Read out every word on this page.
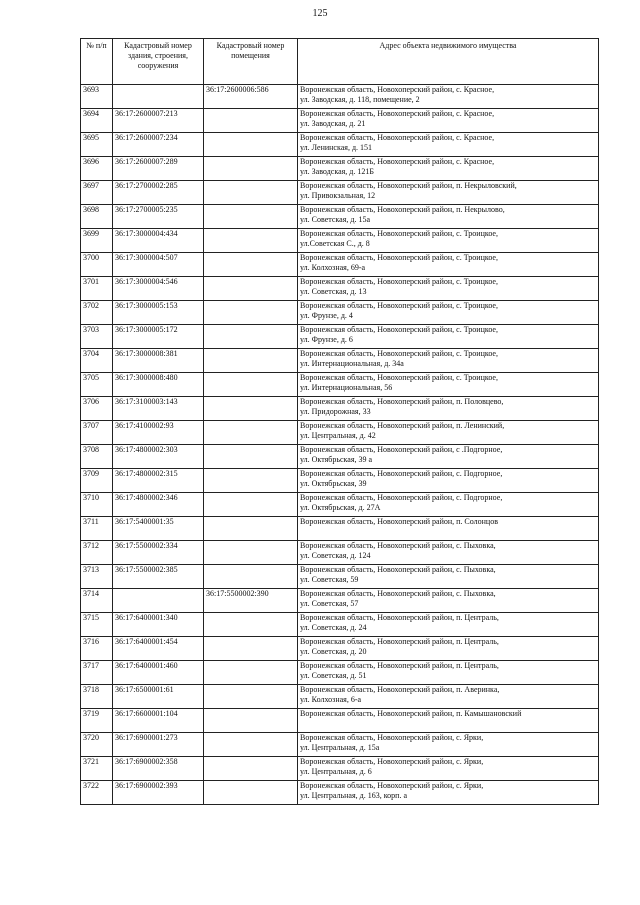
125
№ п/п	Кадастровый номер здания, строения, сооружения	Кадастровый номер помещения	Адрес объекта недвижимого имущества
3693		36:17:2600006:586	Воронежская область, Новохоперский район, с. Красное,
ул. Заводская, д. 118, помещение, 2

3694	36:17:2600007:213		Воронежская область, Новохоперский район, с. Красное,
ул. Заводская, д. 21

3695	36:17:2600007:234		Воронежская область, Новохоперский район, с. Красное,
ул. Ленинская, д. 151

3696	36:17:2600007:289		Воронежская область, Новохоперский район, с. Красное,
ул. Заводская, д. 121Б

3697	36:17:2700002:285		Воронежская область, Новохоперский район, п. Некрыловский,
ул. Привокзальная, 12

3698	36:17:2700005:235		Воронежская область, Новохоперский район, п. Некрылово,
ул. Советская, д. 15а

3699	36:17:3000004:434		Воронежская область, Новохоперский район, с. Троицкое,
ул.Советская С., д. 8

3700	36:17:3000004:507		Воронежская область, Новохоперский район, с. Троицкое,
ул. Колхозная, 69-а

3701	36:17:3000004:546		Воронежская область, Новохоперский район, с. Троицкое,
ул. Советская, д. 13

3702	36:17:3000005:153		Воронежская область, Новохоперский район, с. Троицкое,
ул. Фрунзе, д. 4

3703	36:17:3000005:172		Воронежская область, Новохоперский район, с. Троицкое,
ул. Фрунзе, д. 6

3704	36:17:3000008:381		Воронежская область, Новохоперский район, с. Троицкое,
ул. Интернациональная, д. 34а

3705	36:17:3000008:480		Воронежская область, Новохоперский район, с. Троицкое,
ул. Интернациональная, 56

3706	36:17:3100003:143		Воронежская область, Новохоперский район, п. Половцево,
ул. Придорожная, 33

3707	36:17:4100002:93		Воронежская область, Новохоперский район, п. Ленинский,
ул. Центральная, д. 42

3708	36:17:4800002:303		Воронежская область, Новохоперский район, с .Подгорное,
ул. Октябрьская, 39 а

3709	36:17:4800002:315		Воронежская область, Новохоперский район, с. Подгорное,
ул. Октябрьская, 39

3710	36:17:4800002:346		Воронежская область, Новохоперский район, с. Подгорное,
ул. Октябрьская, д. 27А

3711	36:17:5400001:35		Воронежская область, Новохоперский район, п. Солонцов

3712	36:17:5500002:334		Воронежская область, Новохоперский район, с. Пыховка,
ул. Советская, д. 124

3713	36:17:5500002:385		Воронежская область, Новохоперский район, с. Пыховка,
ул. Советская, 59

3714		36:17:5500002:390	Воронежская область, Новохоперский район, с. Пыховка,
ул. Советская, 57

3715	36:17:6400001:340		Воронежская область, Новохоперский район, п. Централь,
ул. Советская, д. 24

3716	36:17:6400001:454		Воронежская область, Новохоперский район, п. Централь,
ул. Советская, д. 20

3717	36:17:6400001:460		Воронежская область, Новохоперский район, п. Централь,
ул. Советская, д. 51

3718	36:17:6500001:61		Воронежская область, Новохоперский район, п. Аверинка,
ул. Колхозная, 6-а

3719	36:17:6600001:104		Воронежская область, Новохоперский район, п. Камышановский

3720	36:17:6900001:273		Воронежская область, Новохоперский район, с. Ярки,
ул. Центральная, д. 15а

3721	36:17:6900002:358		Воронежская область, Новохоперский район, с. Ярки,
ул. Центральная, д. 6

3722	36:17:6900002:393		Воронежская область, Новохоперский район, с. Ярки,
ул. Центральная, д. 163, корп. а
